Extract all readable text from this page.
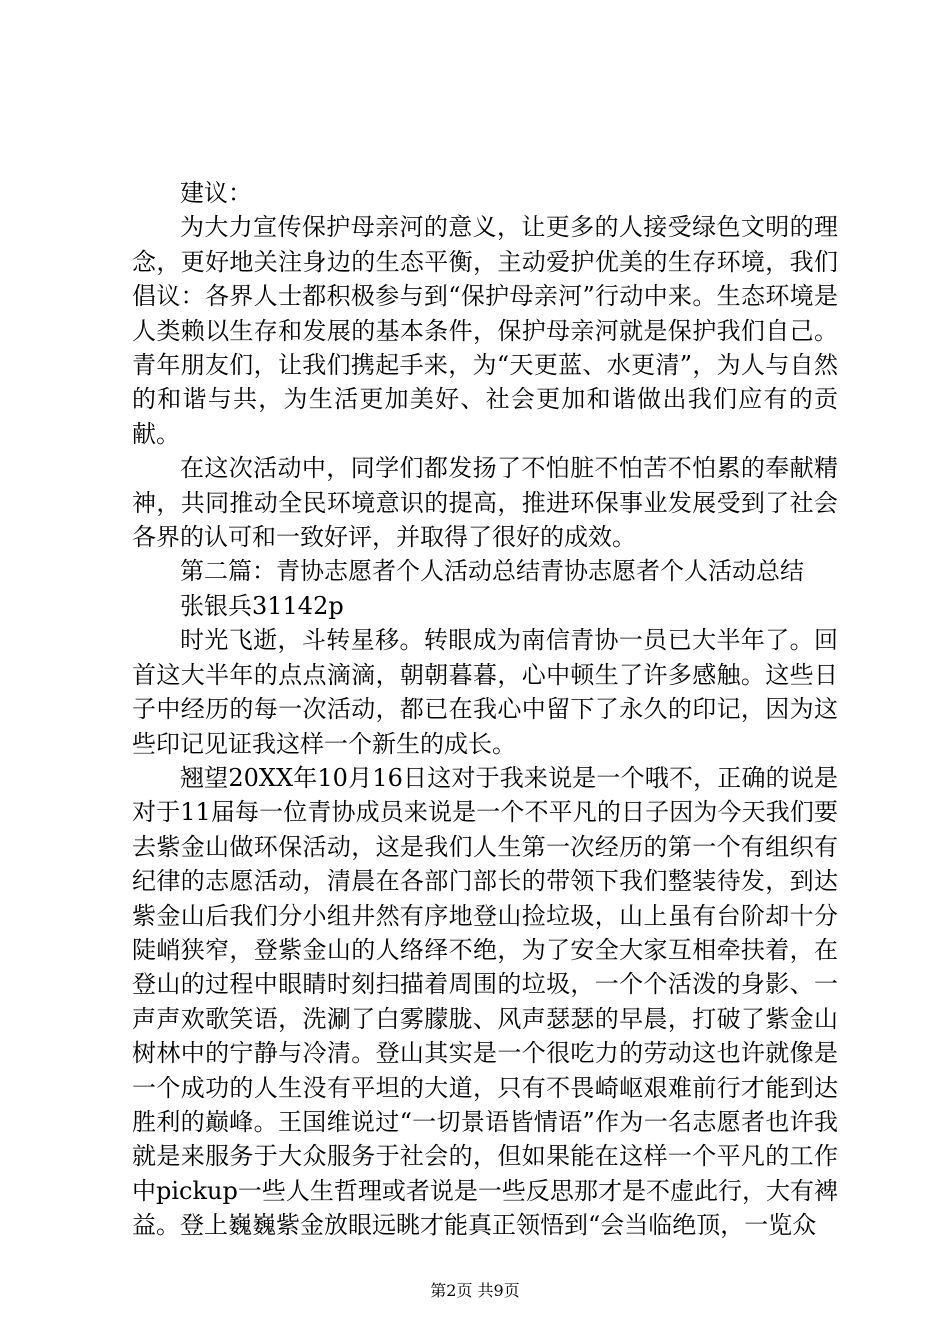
建议：

为大力宣传保护母亲河的意义，让更多的人接受绿色文明的理念，更好地关注身边的生态平衡，主动爱护优美的生存环境，我们倡议：各界人士都积极参与到“保护母亲河”行动中来。生态环境是人类赖以生存和发展的基本条件，保护母亲河就是保护我们自己。青年朋友们，让我们携起手来，为“天更蓝、水更清”，为人与自然的和谐与共，为生活更加美好、社会更加和谐做出我们应有的贡献。

在这次活动中，同学们都发扬了不怕脏不怕苦不怕累的奉献精神，共同推动全民环境意识的提高，推进环保事业发展受到了社会各界的认可和一致好评，并取得了很好的成效。

第二篇：青协志愿者个人活动总结青协志愿者个人活动总结

张银兵31142p

时光飞逝，斗转星移。转眼成为南信青协一员已大半年了。回首这大半年的点点滴滴，朝朝暮暮，心中顿生了许多感触。这些日子中经历的每一次活动，都已在我心中留下了永久的印记，因为这些印记见证我这样一个新生的成长。

翘望20XX年10月16日这对于我来说是一个哦不，正确的说是对于11届每一位青协成员来说是一个不平凡的日子因为今天我们要去紫金山做环保活动，这是我们人生第一次经历的第一个有组织有纪律的志愿活动，清晨在各部门部长的带领下我们整装待发，到达紫金山后我们分小组井然有序地登山捡垃圾，山上虽有台阶却十分陡峭狭窄，登紫金山的人络绎不绝，为了安全大家互相牵扶着，在登山的过程中眼睛时刻扫描着周围的垃圾，一个个活泼的身影、一声声欢歌笑语，洗涮了白雾朦胧、风声瑟瑟的早晨，打破了紫金山树林中的宁静与冷清。登山其实是一个很吃力的劳动这也许就像是一个成功的人生没有平坦的大道，只有不畏崎岖艰难前行才能到达胜利的巅峰。王国维说过“一切景语皆情语”作为一名志愿者也许我就是来服务于大众服务于社会的，但如果能在这样一个平凡的工作中pickup一些人生哲理或者说是一些反思那才是不虚此行，大有裨益。登上巍巍紫金放眼远眺才能真正领悟到“会当临绝顶，一览众

第2页 共9页
